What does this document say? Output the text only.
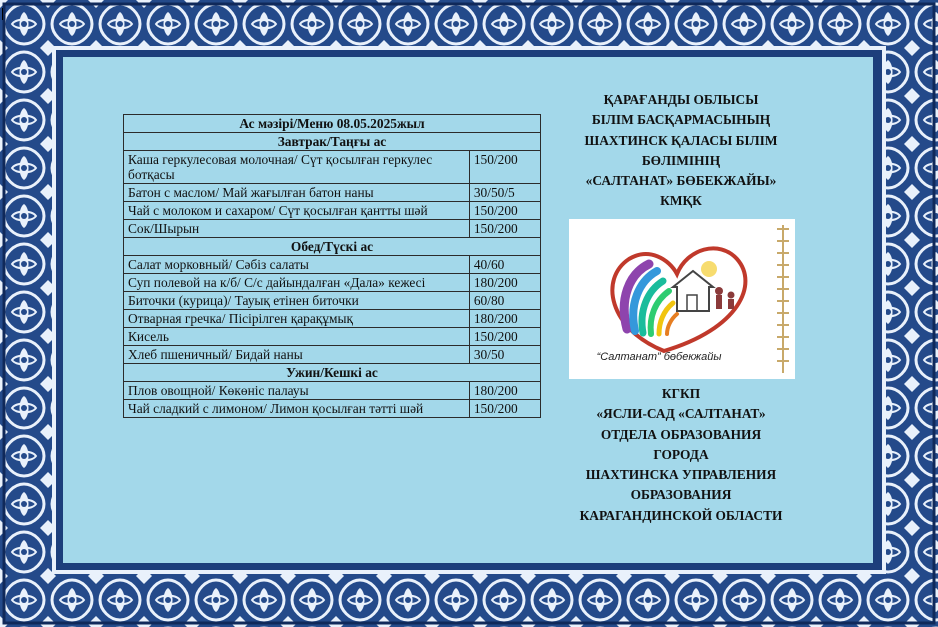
Ас мәзірі/Меню 08.05.2025жыл	
Завтрак/Таңғы ас	
Каша геркулесовая молочная/ Сүт қосылған геркулес ботқасы	150/200
Батон с маслом/ Май жағылған батон наны	30/50/5
Чай с молоком и сахаром/ Сүт қосылған қантты шәй	150/200
Сок/Шырын	150/200
Обед/Түскі ас	
Салат морковный/ Сәбіз салаты	40/60
Суп полевой на к/б/ С/с дайындалған «Дала» кежесі	180/200
Биточки (курица)/ Тауық етінен биточки	60/80
Отварная гречка/ Пісірілген қарақұмық	180/200
Кисель	150/200
Хлеб пшеничный/ Бидай наны	30/50
Ужин/Кешкі ас	
Плов овощной/ Көкөніс палауы	180/200
Чай сладкий с лимоном/ Лимон қосылған тәтті шәй	150/200
ҚАРАҒАНДЫ ОБЛЫСЫ
БІЛІМ БАСҚАРМАСЫНЫҢ
ШАХТИНСК ҚАЛАСЫ БІЛІМ
БӨЛІМІНІҢ
«САЛТАНАТ» БӨБЕКЖАЙЫ»
КМҚК
“Салтанат” бөбекжайы
КГКП
«ЯСЛИ-САД «САЛТАНАТ»
ОТДЕЛА ОБРАЗОВАНИЯ
ГОРОДА
ШАХТИНСКА УПРАВЛЕНИЯ
ОБРАЗОВАНИЯ
КАРАГАНДИНСКОЙ ОБЛАСТИ
